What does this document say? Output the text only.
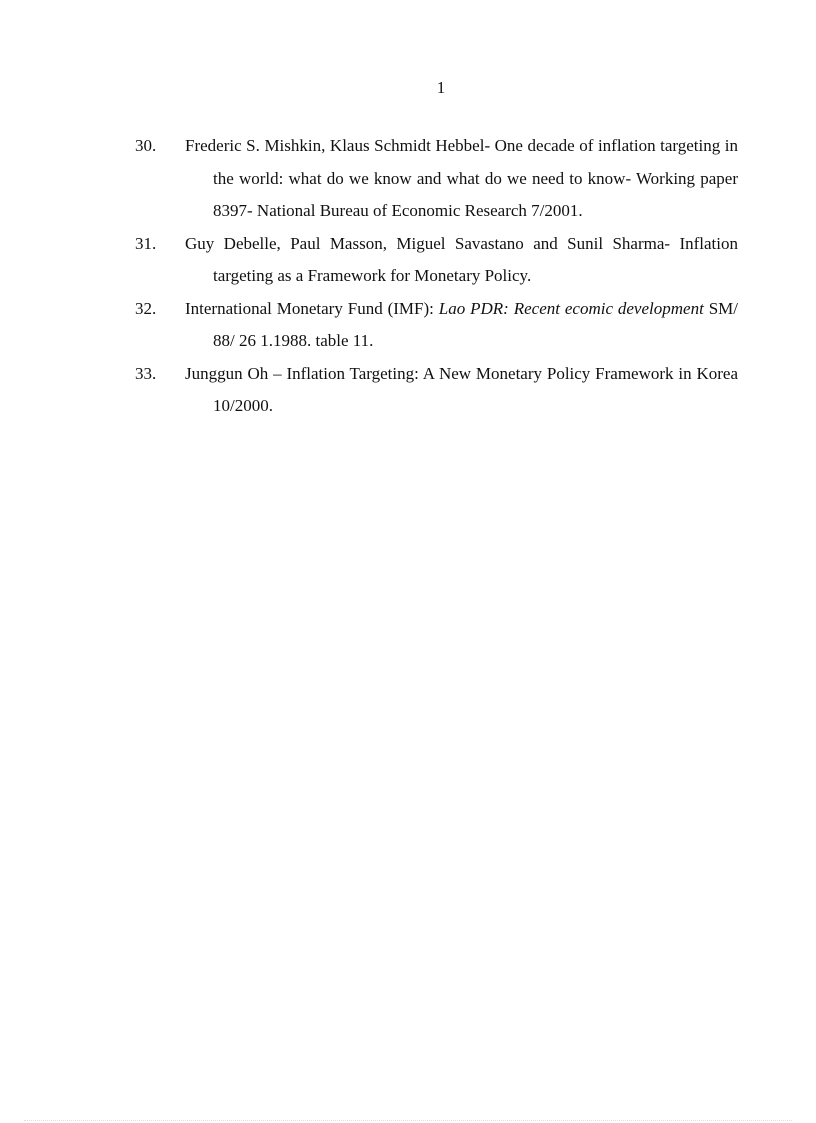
1
30.	Frederic S. Mishkin, Klaus Schmidt Hebbel- One decade of inflation targeting in the world: what do we know and what do we need to know- Working paper 8397- National Bureau of Economic Research 7/2001.
31.	Guy Debelle, Paul Masson, Miguel Savastano and Sunil Sharma- Inflation targeting as a Framework for Monetary Policy.
32.	International Monetary Fund (IMF): Lao PDR: Recent ecomic development SM/ 88/ 26 1.1988. table 11.
33.	Junggun Oh – Inflation Targeting: A New Monetary Policy Framework in Korea 10/2000.
